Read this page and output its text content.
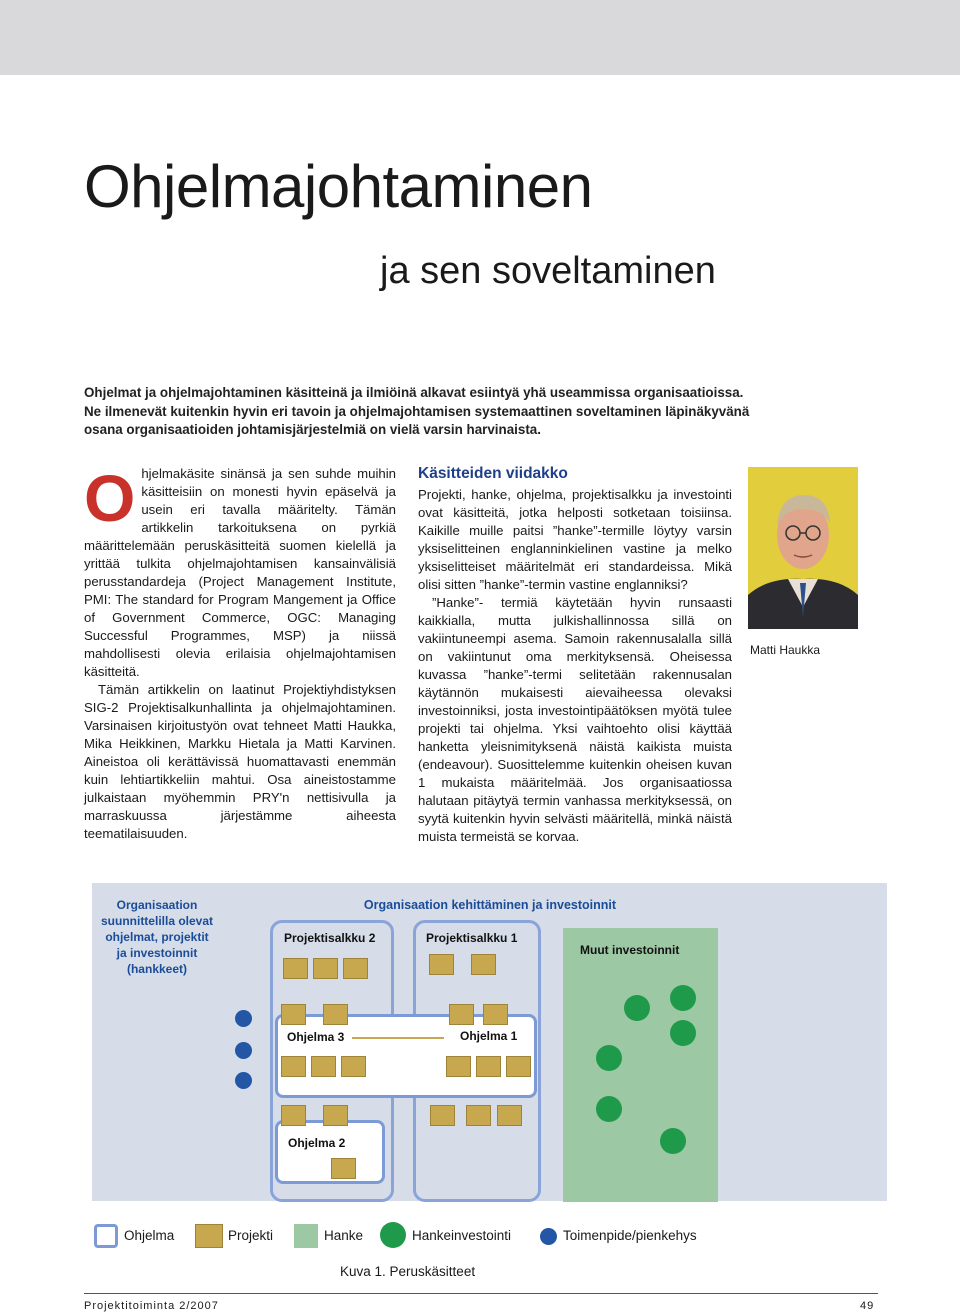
Ohjelmajohtaminen
ja sen soveltaminen
Ohjelmat ja ohjelmajohtaminen käsitteinä ja ilmiöinä alkavat esiintyä yhä useammissa organisaatioissa. Ne ilmenevät kuitenkin hyvin eri tavoin ja ohjelmajohtamisen systemaattinen soveltaminen läpinäkyvänä osana organisaatioiden johtamisjärjestelmiä on vielä varsin harvinaista.

Ohjelmakäsite sinänsä ja sen suhde muihin käsitteisiin on monesti hyvin epäselvä ja usein eri tavalla määritelty. Tämän artikkelin tarkoituksena on pyrkiä määrittelemään peruskäsitteitä suomen kielellä ja yrittää tulkita ohjelmajohtamisen kansainvälisiä perusstandardeja (Project Management Institute, PMI: The standard for Program Mangement ja Office of Government Commerce, OGC: Managing Successful Programmes, MSP) ja niissä mahdollisesti olevia erilaisia ohjelmajohtamisen käsitteitä.

Tämän artikkelin on laatinut Projektiyhdistyksen SIG-2 Projektisalkunhallinta ja ohjelmajohtaminen. Varsinaisen kirjoitustyön ovat tehneet Matti Haukka, Mika Heikkinen, Markku Hietala ja Matti Karvinen. Aineistoa oli kerättävissä huomattavasti enemmän kuin lehtiartikkeliin mahtui. Osa aineistostamme julkaistaan myöhemmin PRY'n nettisivulla ja marraskuussa järjestämme aiheesta teematilaisuuden.

Käsitteiden viidakko

Projekti, hanke, ohjelma, projektisalkku ja investointi ovat käsitteitä, jotka helposti sotketaan toisiinsa. Kaikille muille paitsi ”hanke”-termille löytyy varsin yksiselitteinen englanninkielinen vastine ja melko yksiselitteiset määritelmät eri standardeissa. Mikä olisi sitten ”hanke”-termin vastine englanniksi?

”Hanke”- termiä käytetään hyvin runsaasti kaikkialla, mutta julkishallinnossa sillä on vakiintuneempi asema. Samoin rakennusalalla sillä on vakiintunut oma merkityksensä. Oheisessa kuvassa ”hanke”-termi selitetään rakennusalan käytännön mukaisesti aievaiheessa olevaksi investoinniksi, josta investointipäätöksen myötä tulee projekti tai ohjelma. Yksi vaihtoehto olisi käyttää hanketta yleisnimityksenä näistä kaikista muista (endeavour). Suosittelemme kuitenkin oheisen kuvan 1 mukaista määritelmää. Jos organisaatiossa halutaan pitäytyä termin vanhassa merkityksessä, on syytä kuitenkin hyvin selvästi määritellä, minkä näistä muista termeistä se korvaa.

Matti Haukka
Organisaation suunnittelilla olevat ohjelmat, projektit ja investoinnit (hankkeet)
Organisaation kehittäminen ja investoinnit
Projektisalkku 2	Projektisalkku 1
Muut investoinnit
Ohjelma 3	Ohjelma 1
Ohjelma 2
Ohjelma	Projekti	Hanke	Hankeinvestointi	Toimenpide/pienkehys
Kuva 1. Peruskäsitteet
Projektitoiminta 2/2007	49
